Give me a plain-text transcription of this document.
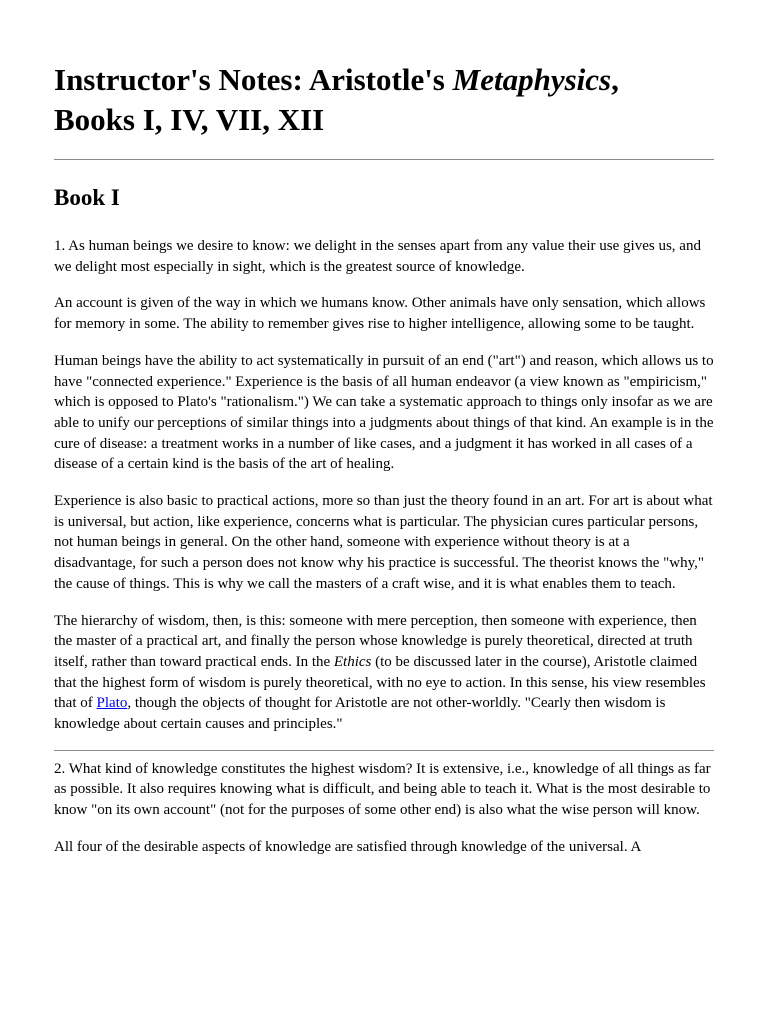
Instructor's Notes: Aristotle's Metaphysics,
Books I, IV, VII, XII
Book I

1. As human beings we desire to know: we delight in the senses apart from any value their use gives us, and we delight most especially in sight, which is the greatest source of knowledge.

An account is given of the way in which we humans know. Other animals have only sensation, which allows for memory in some. The ability to remember gives rise to higher intelligence, allowing some to be taught.

Human beings have the ability to act systematically in pursuit of an end ("art") and reason, which allows us to have "connected experience." Experience is the basis of all human endeavor (a view known as "empiricism," which is opposed to Plato's "rationalism.") We can take a systematic approach to things only insofar as we are able to unify our perceptions of similar things into a judgments about things of that kind. An example is in the cure of disease: a treatment works in a number of like cases, and a judgment it has worked in all cases of a disease of a certain kind is the basis of the art of healing.

Experience is also basic to practical actions, more so than just the theory found in an art. For art is about what is universal, but action, like experience, concerns what is particular. The physician cures particular persons, not human beings in general. On the other hand, someone with experience without theory is at a disadvantage, for such a person does not know why his practice is successful. The theorist knows the "why," the cause of things. This is why we call the masters of a craft wise, and it is what enables them to teach.

The hierarchy of wisdom, then, is this: someone with mere perception, then someone with experience, then the master of a practical art, and finally the person whose knowledge is purely theoretical, directed at truth itself, rather than toward practical ends. In the Ethics (to be discussed later in the course), Aristotle claimed that the highest form of wisdom is purely theoretical, with no eye to action. In this sense, his view resembles that of Plato, though the objects of thought for Aristotle are not other-worldly. "Cearly then wisdom is knowledge about certain causes and principles."

2. What kind of knowledge constitutes the highest wisdom? It is extensive, i.e., knowledge of all things as far as possible. It also requires knowing what is difficult, and being able to teach it. What is the most desirable to know "on its own account" (not for the purposes of some other end) is also what the wise person will know.

All four of the desirable aspects of knowledge are satisfied through knowledge of the universal. A
